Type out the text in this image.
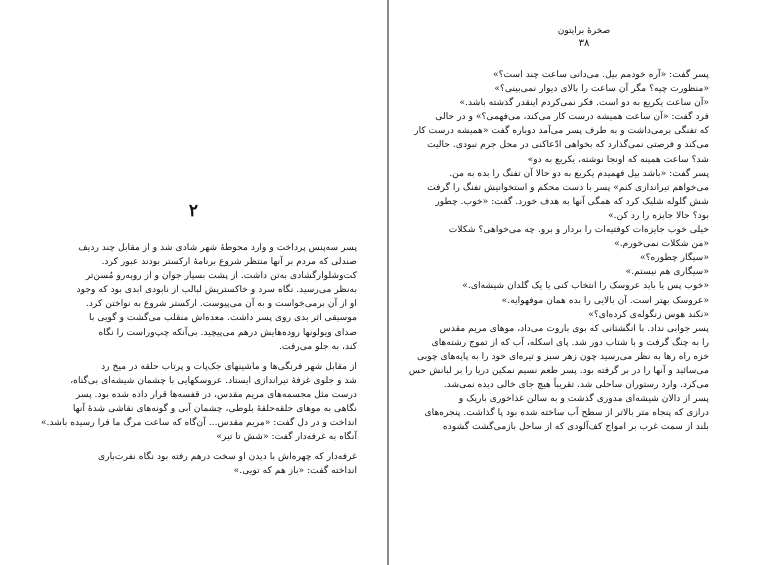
۲
پسر سه‌پنس پرداخت و وارد محوطهٔ شهر شادی شد و از مقابل چند ردیف
صندلی که مردم بر آنها منتظر شروع برنامهٔ ارکستر بودند عبور کرد.
کت‌وشلوارگشادی به‌تن داشت. از پشت بسیار جوان و از روبه‌رو مُسن‌تر
به‌نظر می‌رسید. نگاه سرد و خاکستریش لبالب از نابودی ابدی بود که وجود
او از آن برمی‌خواست و به آن می‌پیوست. ارکستر شروع به نواختن کرد.
موسیقی اثر بدی روی پسر داشت. معده‌اش منقلب می‌گشت و گویی با
صدای ویولونها روده‌هایش درهم می‌پیچید. بی‌آنکه چپ‌وراست را نگاه
کند، به جلو می‌رفت.
از مقابل شهر فرنگی‌ها و ماشینهای جک‌پات و پرتاب حلقه در میخ رد
شد و جلوی غرفهٔ تیراندازی ایستاد. عروسکهایی با چشمان شیشه‌ای بی‌گناه،
درست مثل مجسمه‌های مریم مقدس، در قفسه‌ها قرار داده شده بود. پسر
نگاهی به موهای حلقه‌حلقهٔ بلوطی، چشمان آبی و گونه‌های نقاشی شدهٔ آنها
انداخت و در دل گفت: «مریم مقدس... آن‌گاه که ساعت مرگ ما فرا رسیده باشد.»
آنگاه به غرفه‌دار گفت: «شش تا تیر»
غرفه‌دار که چهره‌اش با دیدن او سخت درهم رفته بود نگاه نفرت‌باری
انداخته گفت: «باز هم که تویی.»
صخرهٔ برایتون
۳۸
پسر گفت: «آره خودمم بیل. می‌دانی ساعت چند است؟»
«منظورت چیه؟ مگر آن ساعت را بالای دیوار نمی‌بینی؟»
«آن ساعت یکریع به دو است. فکر نمی‌کردم اینقدر گذشته باشد.»
فرد گفت: «آن ساعت همیشه درست کار می‌کند، می‌فهمی؟» و در حالی
که تفنگی برمی‌داشت و به طرف پسر می‌آمد دوباره گفت «همیشه درست کار
می‌کند و فرصتی نمی‌گذارد که بخواهی ادّعاکنی در محل جرم نبودی. حالیت
شد؟ ساعت همینه که اونجا نوشته، یکربع به دو»
پسر گفت: «باشد بیل فهمیدم یکربع به دو حالا آن تفنگ را بده به من.
می‌خواهم تیراندازی کنم» پسر با دست محکم و استخوانیش تفنگ را گرفت
شش گلوله شلیک کرد که همگی آنها به هدف خورد. گفت: «خوب. چطور
بود؟ حالا جایزه را رد کن.»
خیلی خوب جایزه‌ات کوفتیه‌ات را بردار و برو. چه می‌خواهی؟ شکلات
«من شکلات نمی‌خورم.»
«سیگار چطوره؟»
«سیگاری هم نیستم.»
«خوب پس یا باید عروسک را انتخاب کنی یا یک گلدان شیشه‌ای.»
«عروسک بهتر است. آن بالایی را بده همان موفهوایه.»
«نکند هوس زنگوله‌ی کرده‌ای؟»
پسر جوابی نداد. با انگشتانی که بوی باروت می‌داد، موهای مریم مقدس
را به چنگ گرفت و با شتاب دور شد. پای اسکله، آب که از تموج رشته‌های
خزه راه رها به نظر می‌رسید چون زهر سبز و تیره‌ای خود را به پایه‌های چوبی
می‌سائید و آنها را در بر گرفته بود. پسر طعم نسیم نمکین دریا را بر لبانش حس
می‌کرد. وارد رستوران ساحلی شد. تقریباً هیچ جای خالی دیده نمی‌شد.
پسر از دالان شیشه‌ای مدوری گذشت و به سالن غذاخوری باریک و
درازی که پنجاه متر بالاتر از سطح آب ساخته شده بود پا گذاشت. پنجره‌های
بلند از سمت غرب بر امواج کف‌آلودی که از ساحل بازمی‌گشت گشوده
